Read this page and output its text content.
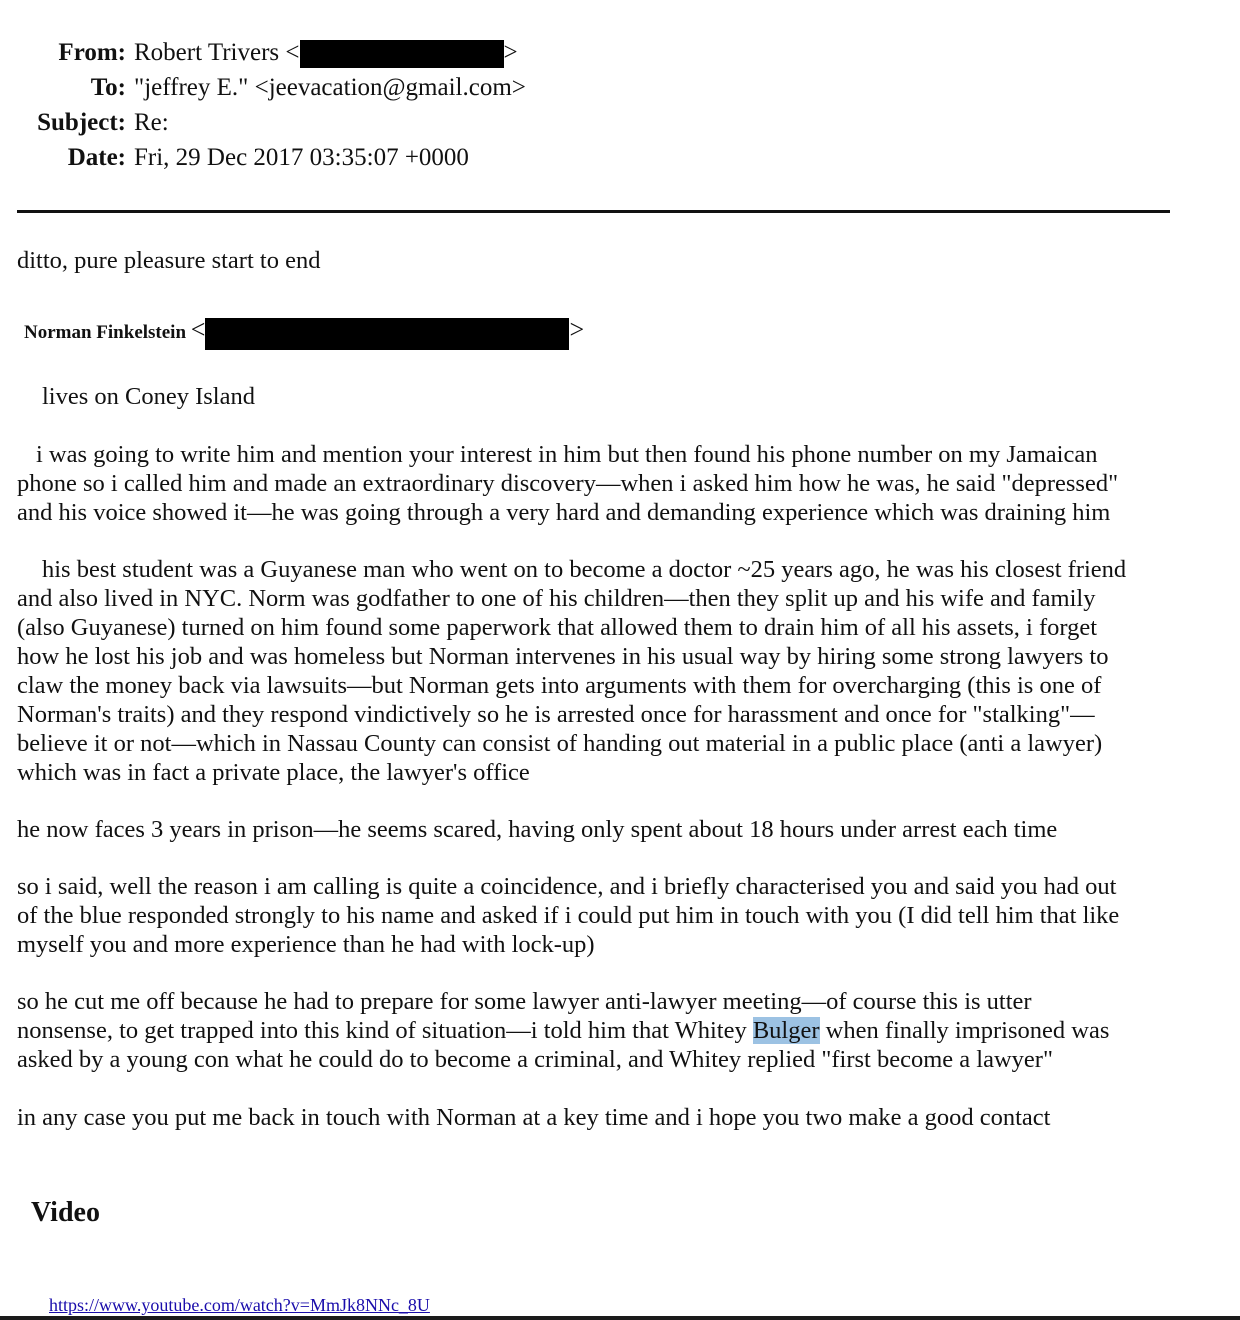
From: Robert Trivers <	>
To: "jeffrey E." <jeevacation@gmail.com>
Subject: Re:
Date: Fri, 29 Dec 2017 03:35:07 +0000

ditto, pure pleasure start to end

Norman Finkelstein <	>

lives on Coney Island

i was going to write him and mention your interest in him but then found his phone number on my Jamaican
phone so i called him and made an extraordinary discovery—when i asked him how he was, he said "depressed"
and his voice showed it—he was going through a very hard and demanding experience which was draining him

his best student was a Guyanese man who went on to become a doctor ~25 years ago, he was his closest friend
and also lived in NYC. Norm was godfather to one of his children—then they split up and his wife and family
(also Guyanese) turned on him found some paperwork that allowed them to drain him of all his assets, i forget
how he lost his job and was homeless but Norman intervenes in his usual way by hiring some strong lawyers to
claw the money back via lawsuits—but Norman gets into arguments with them for overcharging (this is one of
Norman's traits) and they respond vindictively so he is arrested once for harassment and once for "stalking"—
believe it or not—which in Nassau County can consist of handing out material in a public place (anti a lawyer)
which was in fact a private place, the lawyer's office

he now faces 3 years in prison—he seems scared, having only spent about 18 hours under arrest each time

so i said, well the reason i am calling is quite a coincidence, and i briefly characterised you and said you had out
of the blue responded strongly to his name and asked if i could put him in touch with you (I did tell him that like
myself you and more experience than he had with lock-up)

so he cut me off because he had to prepare for some lawyer anti-lawyer meeting—of course this is utter
nonsense, to get trapped into this kind of situation—i told him that Whitey Bulger when finally imprisoned was
asked by a young con what he could do to become a criminal, and Whitey replied "first become a lawyer"

in any case you put me back in touch with Norman at a key time and i hope you two make a good contact

Video
https://www.youtube.com/watch?v=MmJk8NNc_8U
